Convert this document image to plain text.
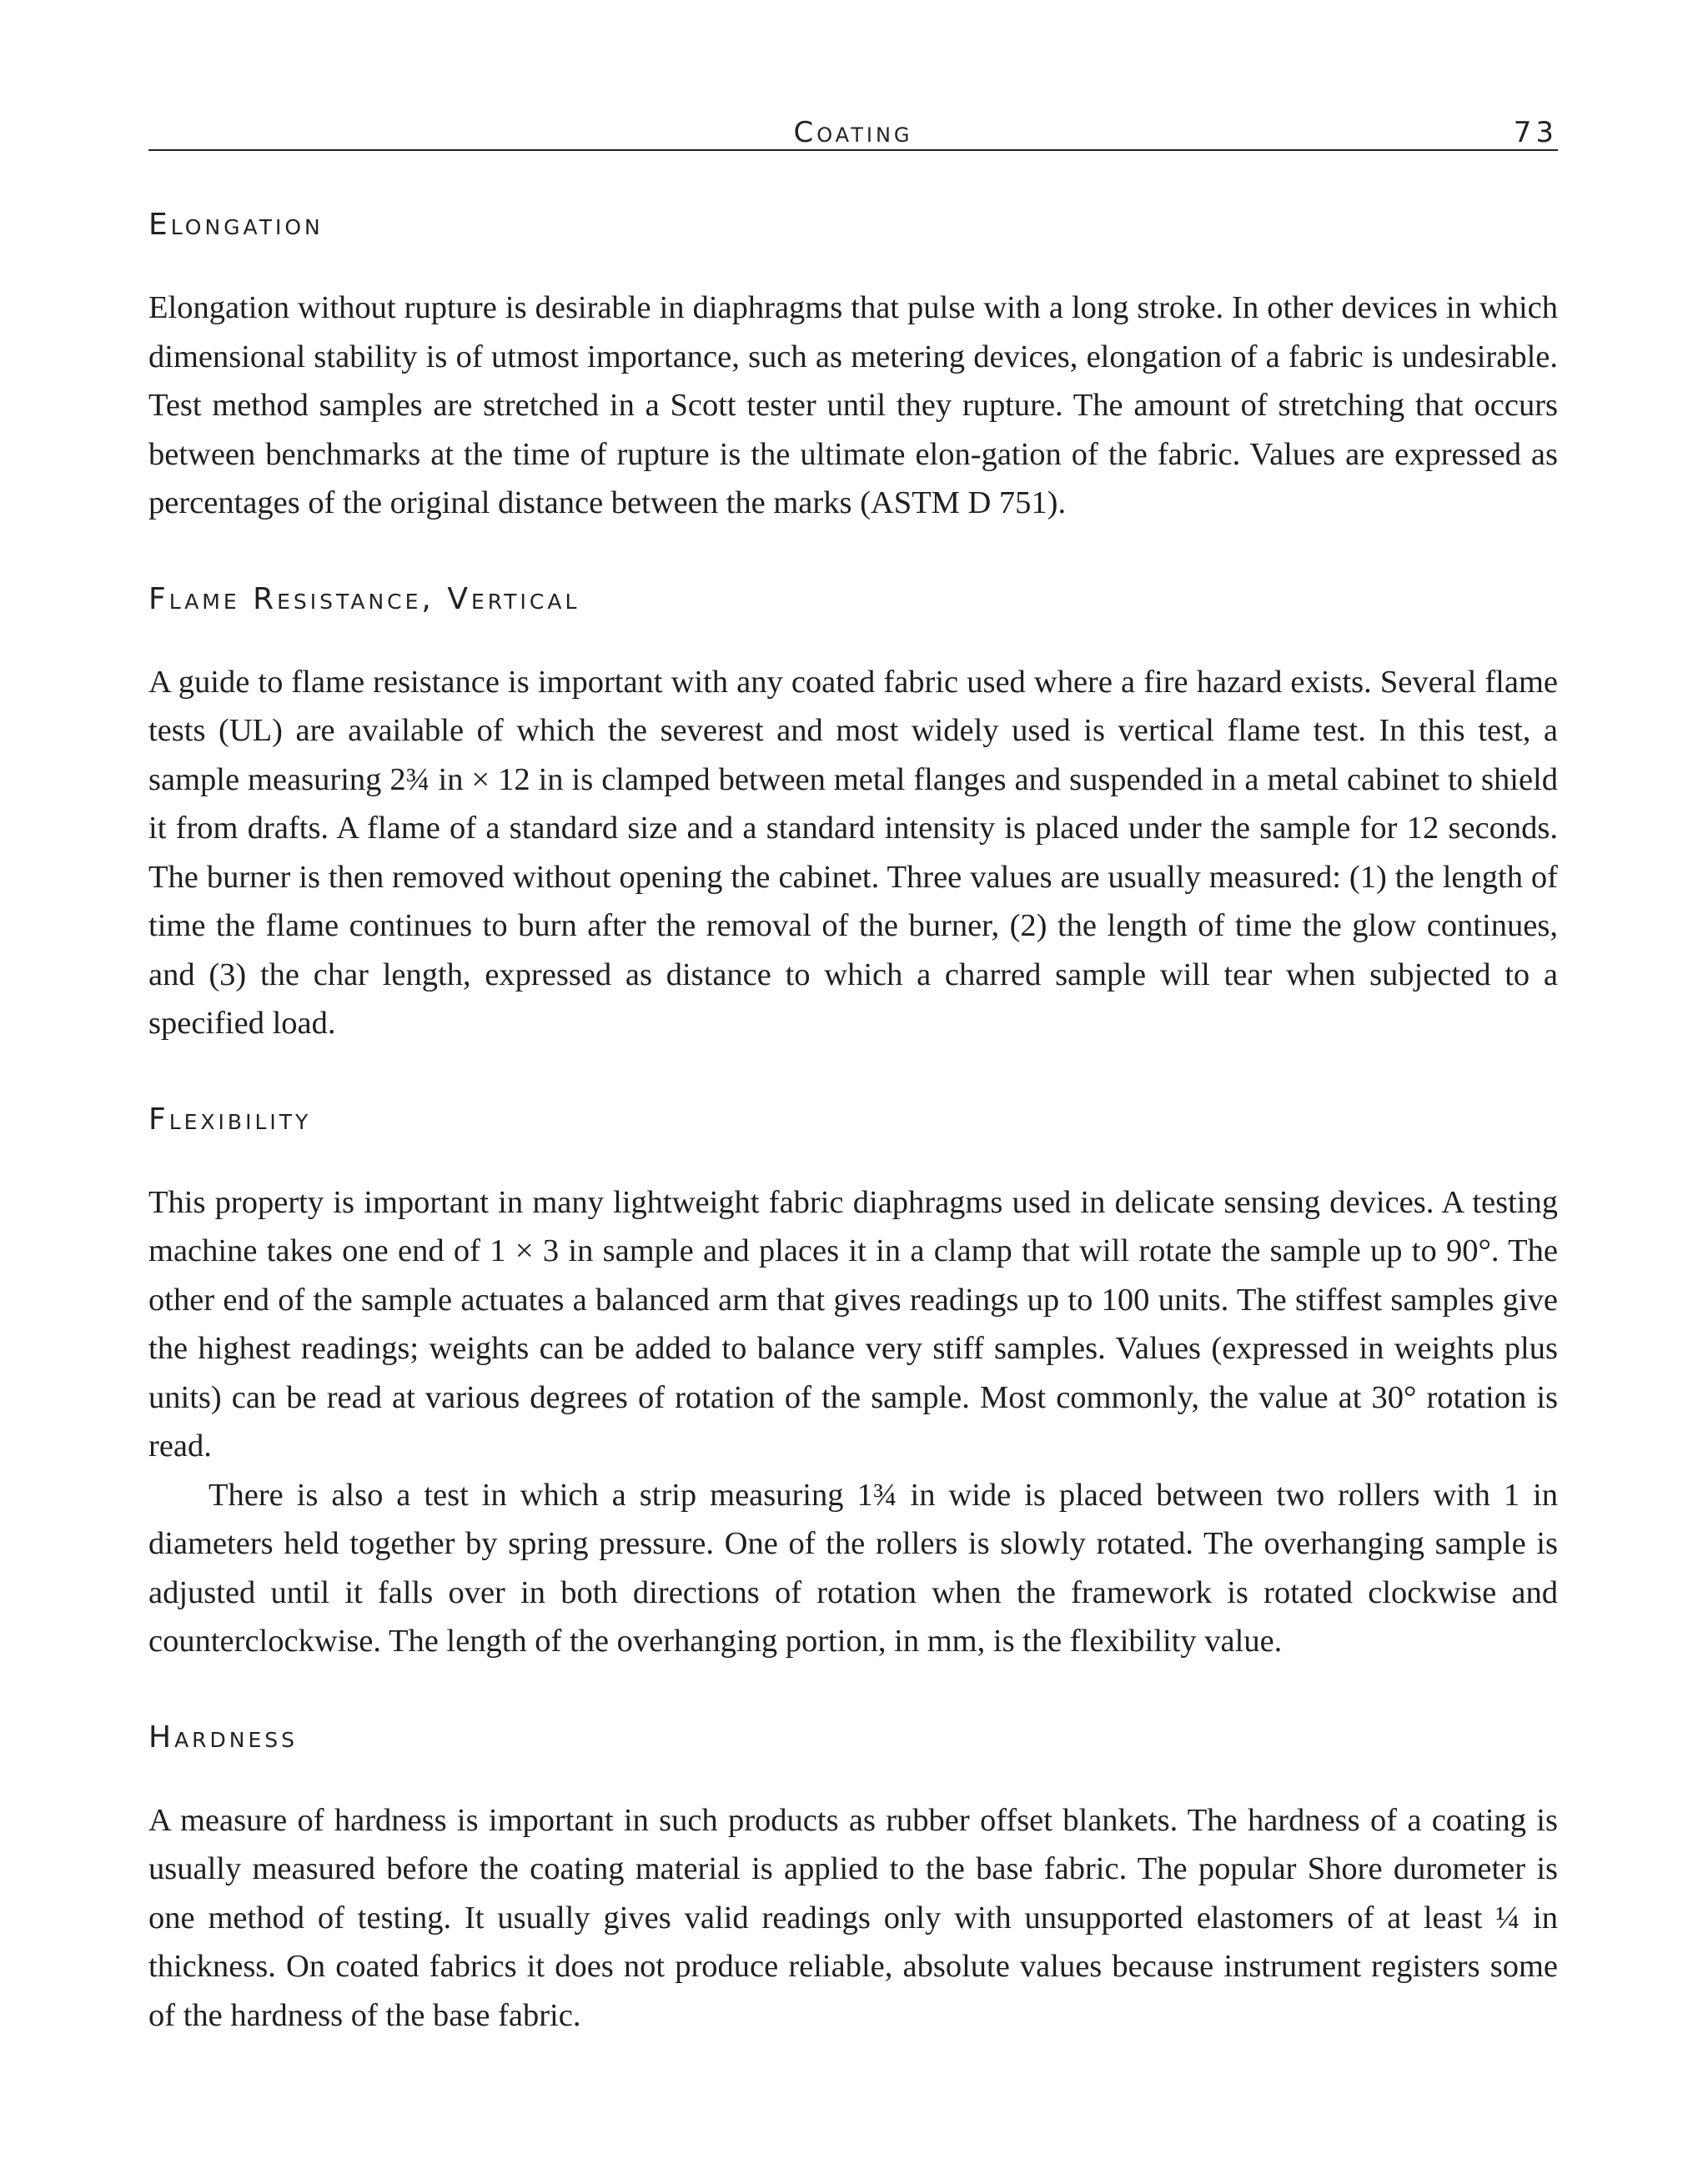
Coating	73
Elongation

Elongation without rupture is desirable in diaphragms that pulse with a long stroke. In other devices in which dimensional stability is of utmost importance, such as metering devices, elongation of a fabric is undesirable. Test method samples are stretched in a Scott tester until they rupture. The amount of stretching that occurs between benchmarks at the time of rupture is the ultimate elon-gation of the fabric. Values are expressed as percentages of the original distance between the marks (ASTM D 751).

Flame Resistance, Vertical

A guide to flame resistance is important with any coated fabric used where a fire hazard exists. Several flame tests (UL) are available of which the severest and most widely used is vertical flame test. In this test, a sample measuring 2¾ in × 12 in is clamped between metal flanges and suspended in a metal cabinet to shield it from drafts. A flame of a standard size and a standard intensity is placed under the sample for 12 seconds. The burner is then removed without opening the cabinet. Three values are usually measured: (1) the length of time the flame continues to burn after the removal of the burner, (2) the length of time the glow continues, and (3) the char length, expressed as distance to which a charred sample will tear when subjected to a specified load.

Flexibility

This property is important in many lightweight fabric diaphragms used in delicate sensing devices. A testing machine takes one end of 1 × 3 in sample and places it in a clamp that will rotate the sample up to 90°. The other end of the sample actuates a balanced arm that gives readings up to 100 units. The stiffest samples give the highest readings; weights can be added to balance very stiff samples. Values (expressed in weights plus units) can be read at various degrees of rotation of the sample. Most commonly, the value at 30° rotation is read.

There is also a test in which a strip measuring 1¾ in wide is placed between two rollers with 1 in diameters held together by spring pressure. One of the rollers is slowly rotated. The overhanging sample is adjusted until it falls over in both directions of rotation when the framework is rotated clockwise and counterclockwise. The length of the overhanging portion, in mm, is the flexibility value.

Hardness

A measure of hardness is important in such products as rubber offset blankets. The hardness of a coating is usually measured before the coating material is applied to the base fabric. The popular Shore durometer is one method of testing. It usually gives valid readings only with unsupported elastomers of at least ¼ in thickness. On coated fabrics it does not produce reliable, absolute values because instrument registers some of the hardness of the base fabric.
